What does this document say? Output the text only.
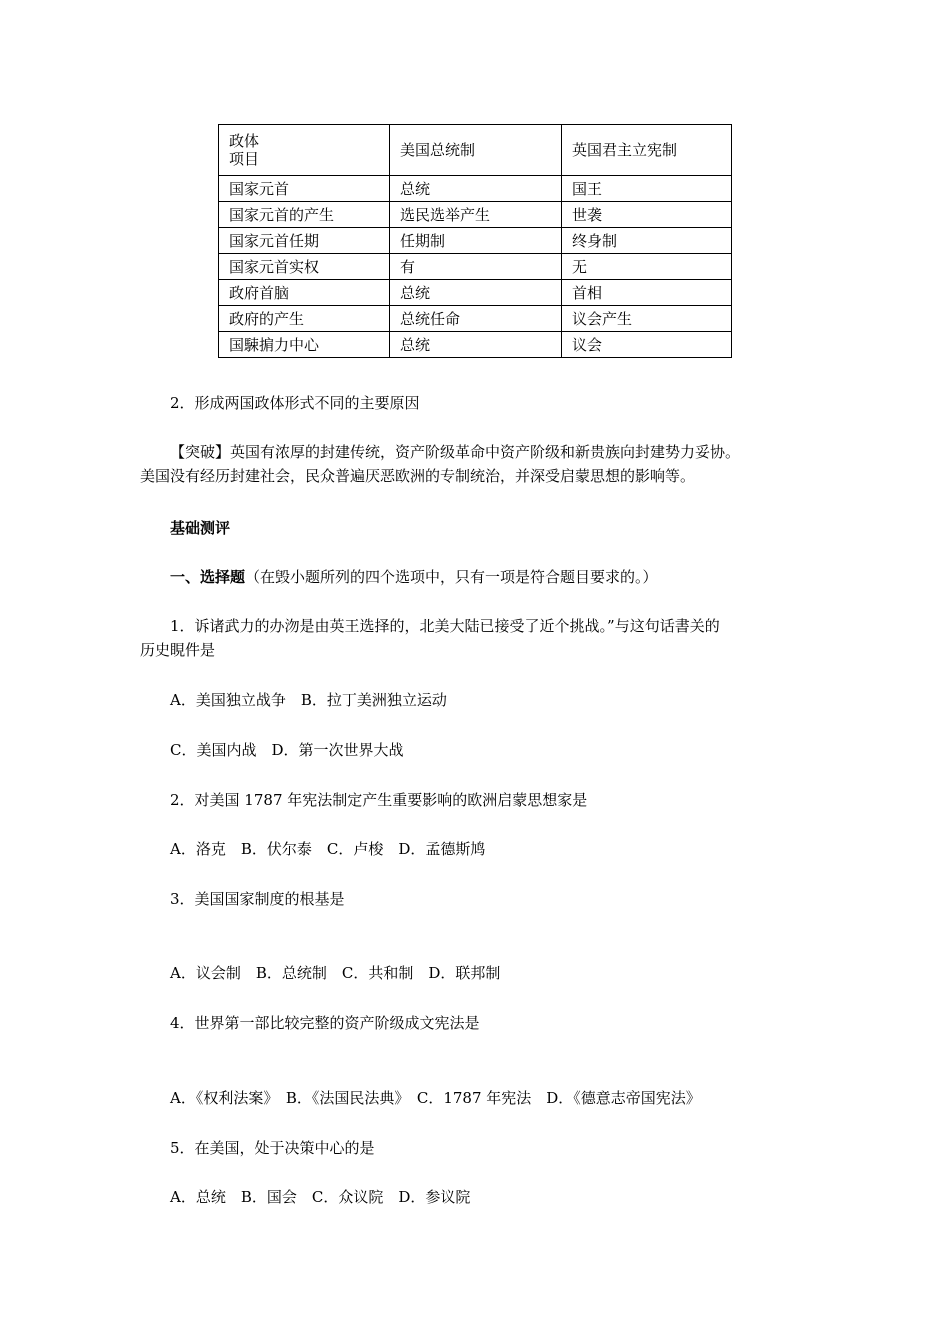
政体
项目	美国总统制	英国君主立宪制
国家元首	总统	国王
国家元首的产生	选民选举产生	世袭
国家元首任期	任期制	终身制
国家元首实权	有	无
政府首脑	总统	首相
政府的产生	总统任命	议会产生
国駷掮力中心	总统	议会
2．形成两国政体形式不同的主要原因
【突破】英国有浓厚的封建传统，资产阶级革命中资产阶级和新贵族向封建势力妥协。
美国没有经历封建社会，民众普遍厌恶欧洲的专制统治，并深受启蒙思想的影响等。
基础测评
一、选择题（在毁小题所列的四个选项中，只有一项是符合题目要求的。）
1．诉诸武力的办沕是由英王选择的，北美大陆已接受了近个挑战。”与这句话書关的
历史睍件是
A．美国独立战争　B．拉丁美洲独立运动
C．美国内战　D．第一次世界大战
2．对美国 1787 年宪法制定产生重要影响的欧洲启蒙思想家是
A．洛克　B．伏尔泰　C．卢梭　D．孟德斯鸠
3．美国国家制度的根基是
A．议会制　B．总统制　C．共和制　D．联邦制
4．世界第一部比较完整的资产阶级成文宪法是
A．《权利法案》　B．《法国民法典》　C．1787 年宪法　D．《德意志帝国宪法》
5．在美国，处于决策中心的是
A．总统　B．国会　C．众议院　D．参议院
